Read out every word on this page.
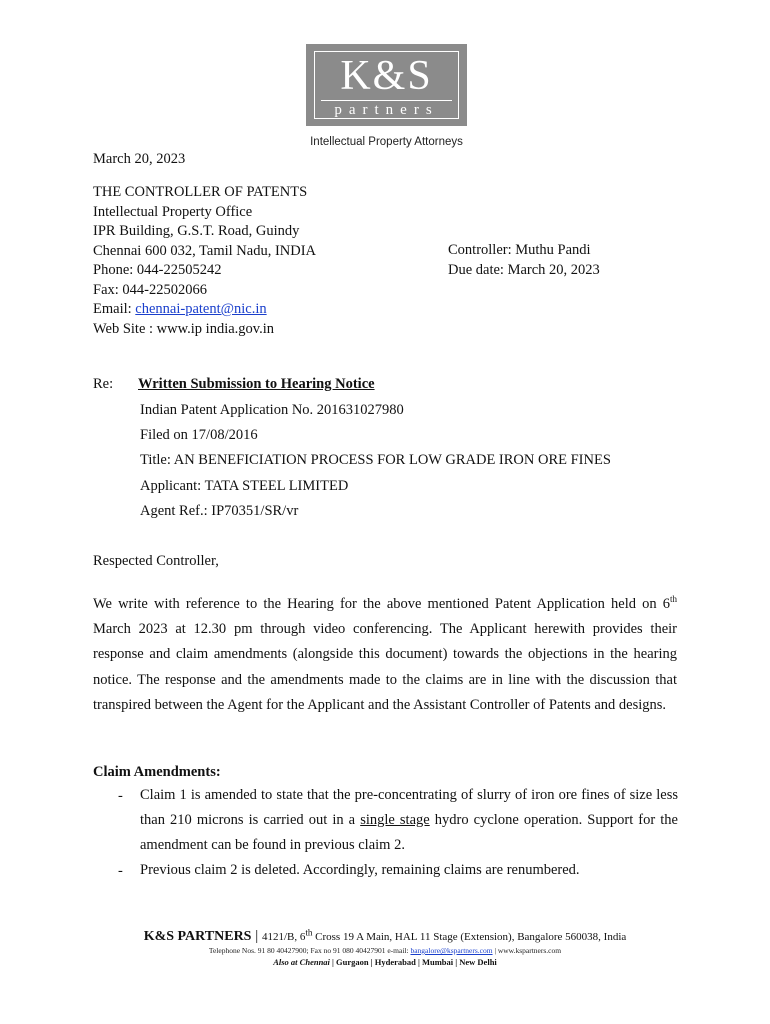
K&S
partners
Intellectual Property Attorneys
March 20, 2023
THE CONTROLLER OF PATENTS
Intellectual Property Office
IPR Building, G.S.T. Road, Guindy
Chennai 600 032, Tamil Nadu, INDIA
Phone: 044-22505242
Fax: 044-22502066
Email: chennai-patent@nic.in
Web Site : www.ip india.gov.in
Controller: Muthu Pandi
Due date: March 20, 2023
Re: Written Submission to Hearing Notice
Indian Patent Application No. 201631027980
Filed on 17/08/2016
Title: AN BENEFICIATION PROCESS FOR LOW GRADE IRON ORE FINES
Applicant: TATA STEEL LIMITED
Agent Ref.: IP70351/SR/vr
Respected Controller,
We write with reference to the Hearing for the above mentioned Patent Application held on 6th March 2023 at 12.30 pm through video conferencing. The Applicant herewith provides their response and claim amendments (alongside this document) towards the objections in the hearing notice. The response and the amendments made to the claims are in line with the discussion that transpired between the Agent for the Applicant and the Assistant Controller of Patents and designs.
Claim Amendments:
- Claim 1 is amended to state that the pre-concentrating of slurry of iron ore fines of size less than 210 microns is carried out in a single stage hydro cyclone operation. Support for the amendment can be found in previous claim 2.
- Previous claim 2 is deleted. Accordingly, remaining claims are renumbered.
K&S PARTNERS | 4121/B, 6th Cross 19 A Main, HAL 11 Stage (Extension), Bangalore 560038, India
Telephone Nos. 91 80 40427900; Fax no 91 080 40427901 e-mail: bangalore@kspartners.com | www.kspartners.com
Also at Chennai | Gurgaon | Hyderabad | Mumbai | New Delhi
